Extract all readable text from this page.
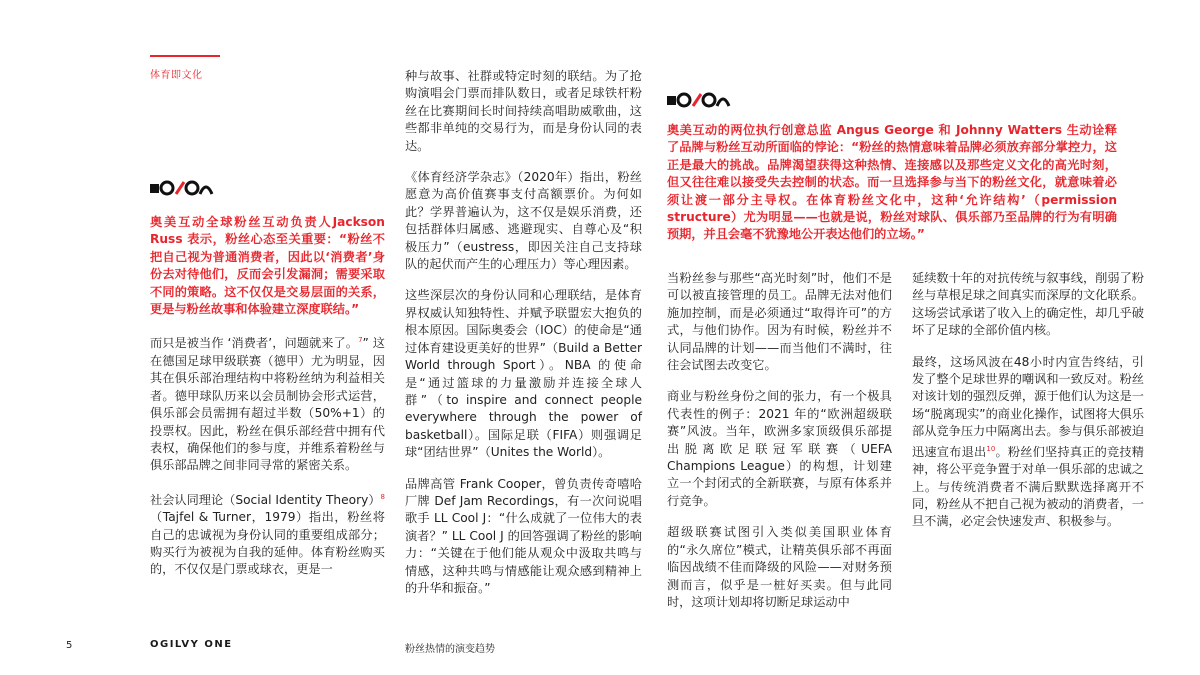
体育即文化
奥美互动全球粉丝互动负责人Jackson Russ 表示，粉丝心态至关重要：“粉丝不把自己视为普通消费者，因此以‘消费者’身份去对待他们，反而会引发漏洞；需要采取不同的策略。这不仅仅是交易层面的关系，更是与粉丝故事和体验建立深度联结。”

而只是被当作 ‘消费者’，问题就来了。$^7$” 这在德国足球甲级联赛（德甲）尤为明显，因其在俱乐部治理结构中将粉丝纳为利益相关者。德甲球队历来以会员制协会形式运营，俱乐部会员需拥有超过半数（50%+1）的投票权。因此，粉丝在俱乐部经营中拥有代表权，确保他们的参与度，并维系着粉丝与俱乐部品牌之间非同寻常的紧密关系。

社会认同理论（Social Identity Theory）$^8$（Tajfel & Turner，1979）指出，粉丝将自己的忠诚视为身份认同的重要组成部分；购买行为被视为自我的延伸。体育粉丝购买的，不仅仅是门票或球衣，更是一

种与故事、社群或特定时刻的联结。为了抢购演唱会门票而排队数日，或者足球铁杆粉丝在比赛期间长时间持续高唱助威歌曲，这些都非单纯的交易行为，而是身份认同的表达。

《体育经济学杂志》（2020年）指出，粉丝愿意为高价值赛事支付高额票价。为何如此？学界普遍认为，这不仅是娱乐消费，还包括群体归属感、逃避现实、自尊心及“积极压力”（eustress，即因关注自己支持球队的起伏而产生的心理压力）等心理因素。

这些深层次的身份认同和心理联结，是体育界权威认知独特性、并赋予联盟宏大抱负的根本原因。国际奥委会（IOC）的使命是“通过体育建设更美好的世界”（Build a Better World through Sport）。NBA 的使命是“通过篮球的力量激励并连接全球人群”（to inspire and connect people everywhere through the power of basketball）。国际足联（FIFA）则强调足球“团结世界”（Unites the World）。

品牌高管 Frank Cooper，曾负责传奇嘻哈厂牌 Def Jam Recordings，有一次问说唱歌手 LL Cool J：“什么成就了一位伟大的表演者？” LL Cool J 的回答强调了粉丝的影响力：“关键在于他们能从观众中汲取共鸣与情感，这种共鸣与情感能让观众感到精神上的升华和振奋。”

奥美互动的两位执行创意总监 Angus George 和 Johnny Watters 生动诠释了品牌与粉丝互动所面临的悖论：“粉丝的热情意味着品牌必须放弃部分掌控力，这正是最大的挑战。品牌渴望获得这种热情、连接感以及那些定义文化的高光时刻，但又往往难以接受失去控制的状态。而一旦选择参与当下的粉丝文化，就意味着必须让渡一部分主导权。在体育粉丝文化中，这种‘允许结构’（permission structure）尤为明显——也就是说，粉丝对球队、俱乐部乃至品牌的行为有明确预期，并且会毫不犹豫地公开表达他们的立场。”

当粉丝参与那些“高光时刻”时，他们不是可以被直接管理的员工。品牌无法对他们施加控制，而是必须通过“取得许可”的方式，与他们协作。因为有时候，粉丝并不认同品牌的计划——而当他们不满时，往往会试图去改变它。

商业与粉丝身份之间的张力，有一个极具代表性的例子：2021 年的“欧洲超级联赛”风波。当年，欧洲多家顶级俱乐部提出脱离欧足联冠军联赛（UEFA Champions League）的构想，计划建立一个封闭式的全新联赛，与原有体系并行竞争。

超级联赛试图引入类似美国职业体育的“永久席位”模式，让精英俱乐部不再面临因战绩不佳而降级的风险——对财务预测而言，似乎是一桩好买卖。但与此同时，这项计划却将切断足球运动中

延续数十年的对抗传统与叙事线，削弱了粉丝与草根足球之间真实而深厚的文化联系。这场尝试承诺了收入上的确定性，却几乎破坏了足球的全部价值内核。

最终，这场风波在48小时内宣告终结，引发了整个足球世界的嘲讽和一致反对。粉丝对该计划的强烈反弹，源于他们认为这是一场“脱离现实”的商业化操作，试图将大俱乐部从竞争压力中隔离出去。参与俱乐部被迫迅速宣布退出$^{10}$。粉丝们坚持真正的竞技精神，将公平竞争置于对单一俱乐部的忠诚之上。与传统消费者不满后默默选择离开不同，粉丝从不把自己视为被动的消费者，一旦不满，必定会快速发声、积极参与。

5	OGILVY ONE	粉丝热情的演变趋势
